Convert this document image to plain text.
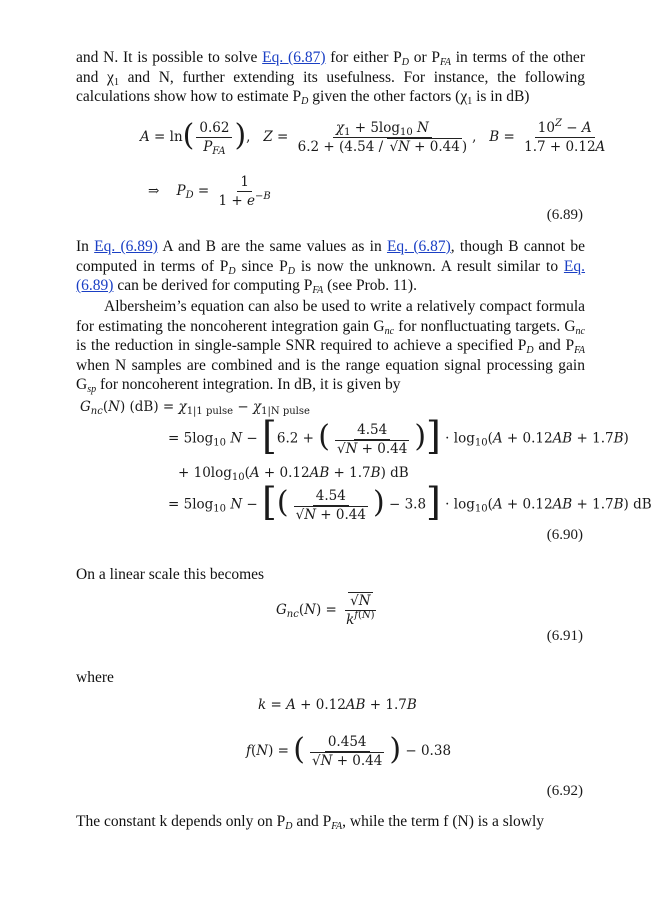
and N. It is possible to solve Eq. (6.87) for either $P_D$ or $P_{FA}$ in terms of the other and $\chi_1$ and N, further extending its usefulness. For instance, the following calculations show how to estimate $P_D$ given the other factors ($\chi_1$ is in dB)

$A = \ln( \frac{0.62}{P_{FA}}$ ),   $Z = \frac{\chi_1 + 5\log_{10} N}{6.2 + (4.54 / √N + 0.44 )}$ ,   $B = \frac{10^Z - A}{1.7 + 0.12A}$
⇒    $P_D = \frac{1}{1 + e^{-B}}$
(6.89)

In Eq. (6.89) A and B are the same values as in Eq. (6.87), though B cannot be computed in terms of $P_D$ since $P_D$ is now the unknown. A result similar to Eq. (6.89) can be derived for computing $P_{FA}$ (see Prob. 11).

Albersheim’s equation can also be used to write a relatively compact formula for estimating the noncoherent integration gain $G_{nc}$ for nonfluctuating targets. $G_{nc}$ is the reduction in single-sample SNR required to achieve a specified $P_D$ and $P_{FA}$ when N samples are combined and is the range equation signal processing gain $G_{sp}$ for noncoherent integration. In dB, it is given by

$G_{nc}(N) (dB) = \chi_{1|1 pulse} - \chi_{1|N pulse}$
= $5\log_{10}$ N − [6.2 + ( $\frac{4.54}{√N + 0.44}$ )] · $\log_{10}(A + 0.12AB + 1.7B)$
+ $10\log_{10}(A + 0.12AB + 1.7B)$ dB
= $5\log_{10}$ N − [( $\frac{4.54}{√N + 0.44}$ ) − $3.8] \cdot \log_{10}(A + 0.12AB + 1.7B)$ dB
(6.90)

On a linear scale this becomes

$G_{nc}(N) = \frac{√N}{k^{f(N)}}$
(6.91)

where

k = A + 0.12AB + 1.7B
f(N) = ( $\frac{0.454}{√N + 0.44}$ ) − 0.38
(6.92)

The constant k depends only on $P_D$ and $P_{FA}$, while the term f (N) is a slowly
